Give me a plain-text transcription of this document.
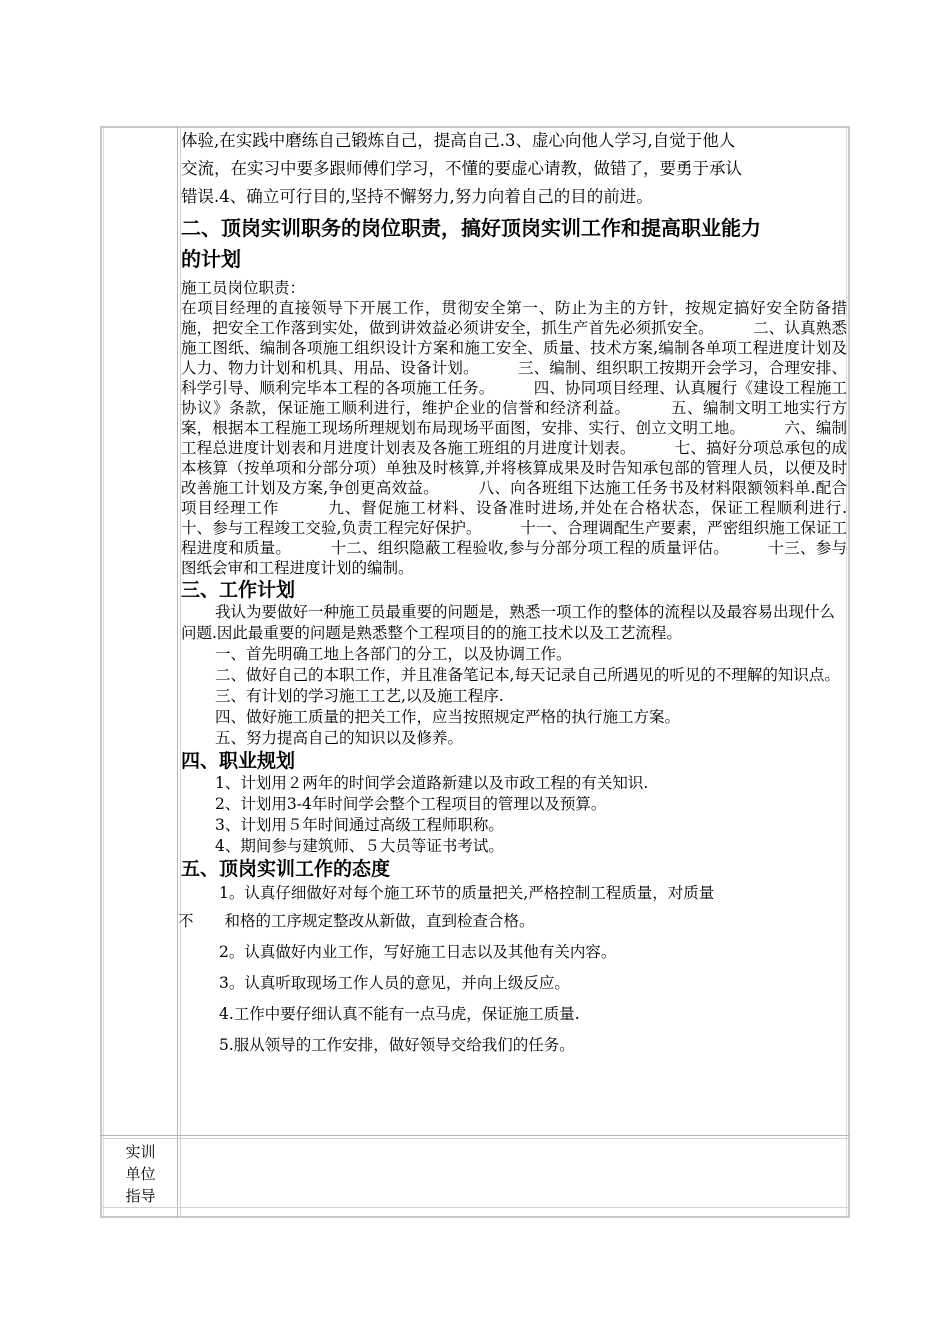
体验,在实践中磨练自己锻炼自己，提高自己.3、虚心向他人学习,自觉于他人

交流，在实习中要多跟师傅们学习，不懂的要虚心请教，做错了，要勇于承认

错误.4、确立可行目的,坚持不懈努力,努力向着自己的目的前进。

二、顶岗实训职务的岗位职责，搞好顶岗实训工作和提高职业能力

的计划

施工员岗位职责：

在项目经理的直接领导下开展工作，贯彻安全第一、防止为主的方针，按规定搞好安全防备措施，把安全工作落到实处，做到讲效益必须讲安全，抓生产首先必须抓安全。　　　二、认真熟悉施工图纸、编制各项施工组织设计方案和施工安全、质量、技术方案,编制各单项工程进度计划及人力、物力计划和机具、用品、设备计划。　　　三、编制、组织职工按期开会学习，合理安排、科学引导、顺利完毕本工程的各项施工任务。　　　四、协同项目经理、认真履行《建设工程施工协议》条款，保证施工顺利进行，维护企业的信誉和经济利益。　　　五、编制文明工地实行方案，根据本工程施工现场所理规划布局现场平面图，安排、实行、创立文明工地。　　　六、编制工程总进度计划表和月进度计划表及各施工班组的月进度计划表。　　　七、搞好分项总承包的成本核算（按单项和分部分项）单独及时核算,并将核算成果及时告知承包部的管理人员，以便及时改善施工计划及方案,争创更高效益。　　　八、向各班组下达施工任务书及材料限额领料单.配合项目经理工作　　　九、督促施工材料、设备准时进场,并处在合格状态，保证工程顺利进行.　　　十、参与工程竣工交验,负责工程完好保护。　　　十一、合理调配生产要素，严密组织施工保证工程进度和质量。　　　十二、组织隐蔽工程验收,参与分部分项工程的质量评估。　　　十三、参与图纸会审和工程进度计划的编制。

三、工作计划

我认为要做好一种施工员最重要的问题是，熟悉一项工作的整体的流程以及最容易出现什么问题.因此最重要的问题是熟悉整个工程项目的的施工技术以及工艺流程。

一、首先明确工地上各部门的分工，以及协调工作。

二、做好自己的本职工作，并且准备笔记本,每天记录自己所遇见的听见的不理解的知识点。

三、有计划的学习施工工艺,以及施工程序.

四、做好施工质量的把关工作，应当按照规定严格的执行施工方案。

五、努力提高自己的知识以及修养。

四、职业规划

1、计划用２两年的时间学会道路新建以及市政工程的有关知识.

2、计划用3-4年时间学会整个工程项目的管理以及预算。

3、计划用５年时间通过高级工程师职称。

4、期间参与建筑师、５大员等证书考试。

五、顶岗实训工作的态度

1。认真仔细做好对每个施工环节的质量把关,严格控制工程质量，对质量

不　　和格的工序规定整改从新做，直到检查合格。

2。认真做好内业工作，写好施工日志以及其他有关内容。

3。认真听取现场工作人员的意见，并向上级反应。

4.工作中要仔细认真不能有一点马虎，保证施工质量.

5.服从领导的工作安排，做好领导交给我们的任务。

实训
单位
指导
